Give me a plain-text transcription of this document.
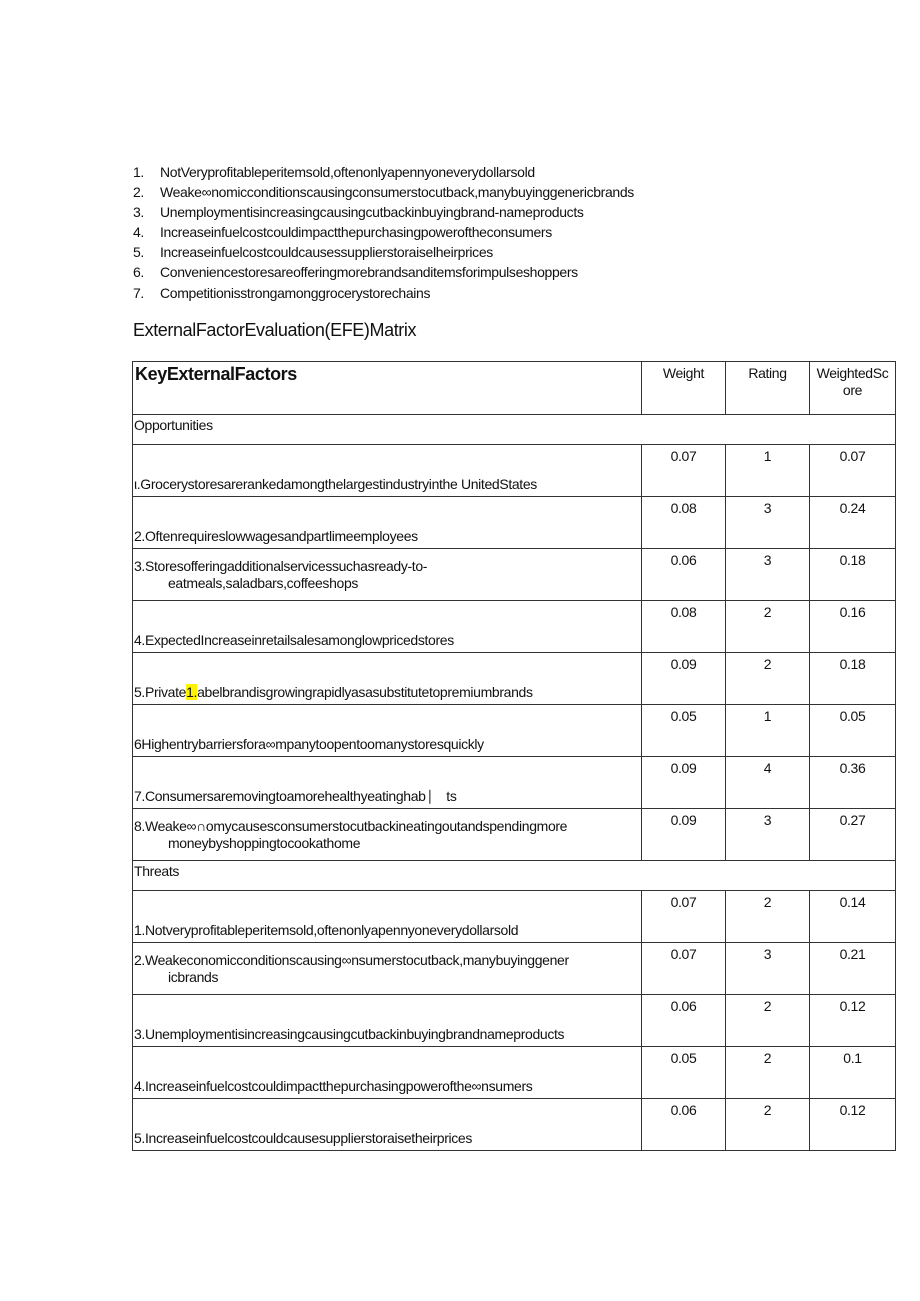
1. NotVeryprofitableperitemsold,oftenonlyapennyoneverydollarsold
2. Weake∞nomicconditionscausingconsumerstocutback,manybuyinggenericbrands
3. Unemploymentisincreasingcausingcutbackinbuyingbrand-nameproducts
4. Increaseinfuelcostcouldimpactthepurchasingpoweroftheconsumers
5. Increaseinfuelcostcouldcausessupplierstoraiselheirprices
6. Conveniencestoresareofferingmorebrandsanditemsforimpulseshoppers
7. Competitionisstrongamonggrocerystorechains
ExternalFactorEvaluation(EFE)Matrix
KeyExternalFactors	Weight	Rating	WeightedSc
ore
Opportunities			

ι.Grocerystoresarerankedamongthelargestindustryinthe UnitedStates	0.07	1	0.07

2.Oftenrequireslowwagesandpartlimeemployees	0.08	3	0.24

3.Storesofferingadditionalservicessuchasready-to-
eatmeals,saladbars,coffeeshops	0.06	3	0.18

4.ExpectedIncreaseinretailsalesamonglowpricedstores	0.08	2	0.16

5.Private1.abelbrandisgrowingrapidlyasasubstitutetopremiumbrands	0.09	2	0.18

6Highentrybarriersfora∞mpanytoopentoomanystoresquickly	0.05	1	0.05

7.Consumersaremovingtoamorehealthyeatinghab ⎸ ts	0.09	4	0.36

8.Weake∞∩omycausesconsumerstocutbackineatingoutandspendingmore
moneybyshoppingtocookathome	0.09	3	0.27
Threats			

1.Notveryprofitableperitemsold,oftenonlyapennyoneverydollarsold	0.07	2	0.14

2.Weakeconomicconditionscausing∞nsumerstocutback,manybuyinggener
icbrands	0.07	3	0.21

3.Unemploymentisincreasingcausingcutbackinbuyingbrandnameproducts	0.06	2	0.12

4.Increaseinfuelcostcouldimpactthepurchasingpowerofthe∞nsumers	0.05	2	0.1

5.Increaseinfuelcostcouldcausesupplierstoraisetheirprices	0.06	2	0.12
